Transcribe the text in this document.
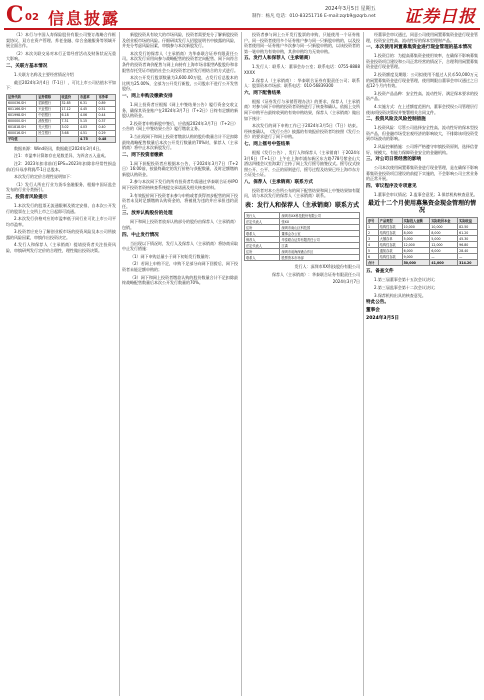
C 02 信息披露	2024年3月5日 星期五
制作：杨凡 电话：010-83251716 E-mail:zqrb9@zqrb.net 证券日报

（1）本行与中国人寿保险股份有限公司签订战略合作框架协议，双方在资产管理、养老金融、综合金融服务等领域开展全面合作。

（2）本次关联交易对本行正常经营活动及财务状况无重大影响。

二、关联方基本情况

1.关联方名称及主要经营情况介绍

截至2024年3月4日（T-1日），可比上市公司估值水平如下：

证券代码	证券简称	收盘价	市盈率	市净率
600036.SH	招商银行	32.85	6.31	0.89
601166.SH	兴业银行	17.12	4.45	0.51
601998.SH	中信银行	6.18	4.06	0.44
600000.SH	浦发银行	7.31	5.15	0.37
601818.SH	光大银行	3.02	4.03	0.40
600016.SH	民生银行	3.68	4.51	0.29
平均值			4.75	0.48

数据来源：Wind资讯，数据截至2024年3月4日。

注1：市盈率计算如存在尾数差异，为四舍五入造成。

注2：2023年扣非前/后EPS=2023年扣除非经常性损益前/后归母净利润/T-1日总股本。

本次发行的定价合理性说明如下：

（1）发行人所在行业为货币金融服务，根据中国证监会发布的行业分类指引。

三、投资者风险提示

1.本次发行的股票无流通限制及锁定安排，自本次公开发行的股票在上交所上市之日起即可流通。

2.本次发行价格对应的市盈率低于同行业可比上市公司平均市盈率。

3.投资者应充分了解创业板市场的投资风险及本公司所披露的风险因素，审慎作出投资决定。

4.发行人和保荐人（主承销商）提请投资者关注投资风险，审慎研判发行定价的合理性，理性做出投资决策。

新股投资具有较大的市场风险，投资者需要充分了解新股投资及创业板市场的风险。仔细研读发行人招股说明书中披露的风险，并充分考虑风险因素，审慎参与本次新股发行。

本次发行的保荐人（主承销商）为华泰联合证券有限责任公司。本次发行采用向参与战略配售的投资者定向配售、网下向符合条件的投资者询价配售与网上向持有上海市场非限售A股股份和非限售存托凭证市值的社会公众投资者定价发行相结合的方式进行。

本次公开发行股票数量为3,600.00万股，占发行后总股本的比例为25.00%，全部为公开发行新股，公司股东不进行公开发售股份。

一、网上申购及缴款安排

1.网上投资者应根据《网上中签结果公告》履行资金交收义务，确保其资金账户在2024年3月7日（T+2日）日终有足额的新股认购资金。

2.投资者申购新股中签后，应依据2024年3月7日（T+2日）公告的《网上中签结果公告》履行缴款义务。

3.当出现网下和网上投资者缴款认购的股份数量合计不足扣除最终战略配售数量后本次公开发行数量的70%时，保荐人（主承销商）将中止本次新股发行。

二、网下投资者缴款

1.网下获配投资者应根据本公告，于2024年3月7日（T+2日）16:00前，按最终确定的发行价格与获配数量，及时足额缴纳新股认购资金。

2.参与本次网下发行的所有投资者均需通过华泰联合证券IPO网下投资者资格核查系统提交承诺函及相关核查材料。

3.有效报价网下投资者未参与申购或者获得初步配售的网下投资者未及时足额缴纳认购资金的，将被视为违约并应承担违约责任。

三、放弃认购股份的处理

网下和网上投资者放弃认购部分的股份由保荐人（主承销商）包销。

四、中止发行情况

当出现以下情况时，发行人及保荐人（主承销商）将协商采取中止发行措施：

（1）网下申购总量小于网下初始发行数量的；

（2）若网上申购不足，申购不足部分向网下回拨后，网下投资者未能足额申购的；

（3）网下和网上投资者缴款认购的股份数量合计不足扣除最终战略配售数量后本次公开发行数量的70%。

投资者参与网上公开发行股票的申购，只能使用一个证券账户。同一投资者使用多个证券账户参与同一只新股申购的，以及投资者使用同一证券账户多次参与同一只新股申购的，以该投资者的第一笔申购为有效申购，其余申购均为无效申购。

五、发行人和保荐人（主承销商）

1.发行人：联系人：董事会办公室；联系电话：0755-8888XXXX

2.保荐人（主承销商）：华泰联合证券有限责任公司；联系人：股票资本市场部；联系电话：010-56839300

六、网下配售结果

根据《证券发行与承销管理办法》的要求，保荐人（主承销商）对参与网下申购的投资者资格进行了核查和确认。依据上交所网下申购平台最终收到的有效申购结果，保荐人（主承销商）做出如下统计：

本次发行的网下申购工作已于2024年3月5日（T日）结束。经核查确认，《发行公告》披露的有效报价投资者均按照《发行公告》的要求进行了网下申购。

七、网上摇号中签结果

根据《发行公告》，发行人和保荐人（主承销商）于2024年3月6日（T+1日）上午在上海市浦东新区东方路778号紫金山大酒店四楼会议室海棠厅主持了网上发行摇号抽签仪式。摇号仪式按照公开、公平、公正的原则进行，摇号过程及结果已经上海市东方公证处公证。

八、保荐人（主承销商）联系方式

投资者对本公告所公布的网下配售结果和网上中签结果如有疑问，请与本次发行的保荐人（主承销商）联系。

表：发行人和保荐人（主承销商）联系方式

发行人	深圳市XX科技股份有限公司
法定代表人	张XX
住所	深圳市南山区科技园
联系人	董事会办公室
保荐人	华泰联合证券有限责任公司
法定代表人	江禹
住所	深圳市前海深港合作区
联系人	股票资本市场部

发行人：深圳市XX科技股份有限公司

保荐人（主承销商）：华泰联合证券有限责任公司

2024年3月7日

经董事会审议通过，同意公司使用闲置募集资金进行现金管理，投资安全性高、流动性好的保本型理财产品。

一、本次使用闲置募集资金进行现金管理的基本情况

1.投资目的：为提高募集资金使用效率，在确保不影响募集资金投资项目建设和公司正常经营的情况下，合理利用闲置募集资金进行现金管理。

2.投资额度及期限：公司拟使用不超过人民币50,000万元的闲置募集资金进行现金管理，使用期限自董事会审议通过之日起12个月内有效。

3.投资产品品种：安全性高、流动性好、满足保本要求的投资产品。

4.实施方式：在上述额度范围内，董事会授权公司管理层行使该项投资决策权并签署相关合同文件。

二、投资风险及风险控制措施

1.投资风险：尽管公司选择安全性高、流动性好的保本型投资产品，但金融市场受宏观经济的影响较大，不排除该项投资受到市场波动的影响。

2.风险控制措施：公司将严格遵守审慎投资原则，选择信誉好、规模大、有能力保障资金安全的金融机构。

三、对公司日常经营的影响

公司本次使用闲置募集资金进行现金管理，是在确保不影响募集资金投资项目建设的前提下实施的，不会影响公司主营业务的正常开展。

四、审议程序及专项意见

1.董事会审议情况；2.监事会意见；3.保荐机构核查意见。

最近十二个月使用募集资金现金管理的情况

序号	产品类型	实际投入金额	实际收回本金	实际收益
1	结构性存款	10,000	10,000	82.50
2	结构性存款	8,000	8,000	61.20
3	大额存单	5,000	5,000	45.30
4	结构性存款	12,000	12,000	96.80
5	通知存款	6,000	6,000	28.40
6	结构性存款	9,000	—	—
合计		50,000	41,000	314.20

五、备查文件

1.第三届董事会第十五次会议决议；

2.第三届监事会第十二次会议决议；

3.保荐机构出具的核查意见。

特此公告。

董事会

2024年3月5日
